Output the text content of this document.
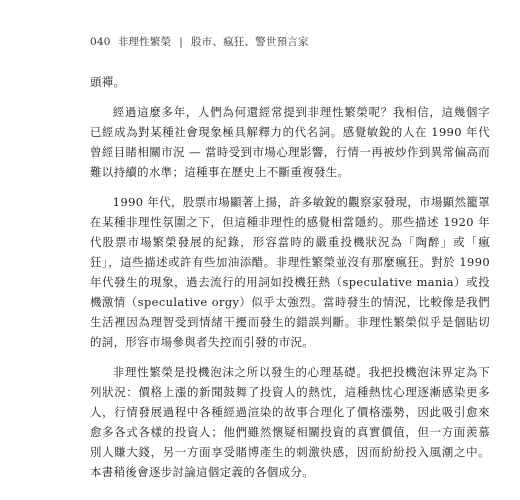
040 非理性繁榮 | 股市、瘋狂、警世預言家

頭禪。

經過這麼多年，人們為何還經常提到非理性繁榮呢？我相信，這幾個字已經成為對某種社會現象極具解釋力的代名詞。感覺敏銳的人在 1990 年代曾經目睹相關市況 — 當時受到市場心理影響，行情一再被炒作到異常偏高而難以持續的水準；這種事在歷史上不斷重複發生。

1990 年代，股票市場顯著上揚，許多敏銳的觀察家發現，市場顯然籠罩在某種非理性氛圍之下，但這種非理性的感覺相當隱約。那些描述 1920 年代股票市場繁榮發展的紀錄，形容當時的嚴重投機狀況為「陶醉」或「瘋狂」，這些描述或許有些加油添醋。非理性繁榮並沒有那麼瘋狂。對於 1990 年代發生的現象，過去流行的用詞如投機狂熱（speculative mania）或投機激情（speculative orgy）似乎太強烈。當時發生的情況，比較像是我們生活裡因為理智受到情緒干擾而發生的錯誤判斷。非理性繁榮似乎是個貼切的詞，形容市場參與者失控而引發的市況。

非理性繁榮是投機泡沫之所以發生的心理基礎。我把投機泡沫界定為下列狀況：價格上漲的新聞鼓舞了投資人的熱忱，這種熱忱心理逐漸感染更多人，行情發展過程中各種經過渲染的故事合理化了價格漲勢，因此吸引愈來愈多各式各樣的投資人；他們雖然懷疑相關投資的真實價值，但一方面羨慕別人賺大錢，另一方面享受賭博產生的刺激快感，因而紛紛投入風潮之中。本書稍後會逐步討論這個定義的各個成分。
